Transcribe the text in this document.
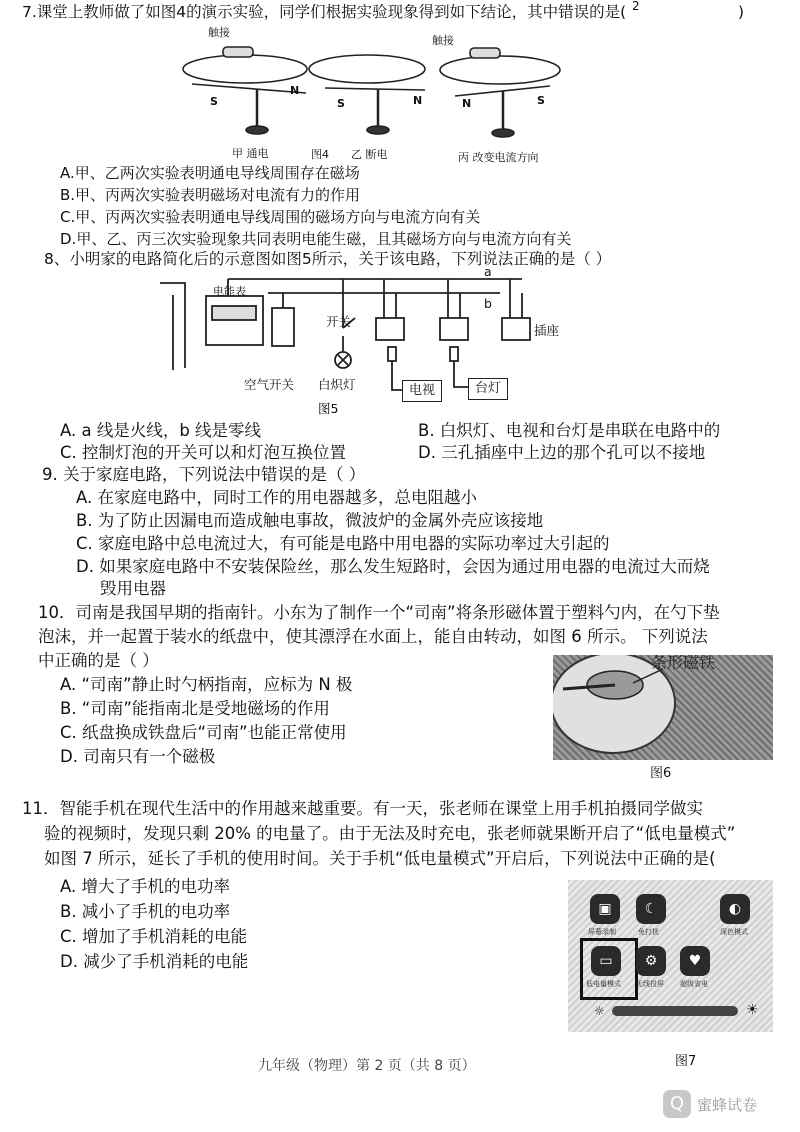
2
7.课堂上教师做了如图4的演示实验，同学们根据实验现象得到如下结论，其中错误的是(	)
触接
触接
S
N
S	N	N	S
甲 通电	图4 乙 断电	丙 改变电流方向
A.甲、乙两次实验表明通电导线周围存在磁场
B.甲、丙两次实验表明磁场对电流有力的作用
C.甲、丙两次实验表明通电导线周围的磁场方向与电流方向有关
D.甲、乙、丙三次实验现象共同表明电能生磁，且其磁场方向与电流方向有关
8、小明家的电路简化后的示意图如图5所示，关于该电路，下列说法正确的是（ ）
a
b
电能表
开关
插座
空气开关 白炽灯	电视	台灯
图5
A. a 线是火线，b 线是零线	B. 白炽灯、电视和台灯是串联在电路中的
C. 控制灯泡的开关可以和灯泡互换位置	D. 三孔插座中上边的那个孔可以不接地
9. 关于家庭电路，下列说法中错误的是（ ）
A. 在家庭电路中，同时工作的用电器越多，总电阻越小
B. 为了防止因漏电而造成触电事故，微波炉的金属外壳应该接地
C. 家庭电路中总电流过大，有可能是电路中用电器的实际功率过大引起的
D. 如果家庭电路中不安装保险丝，那么发生短路时，会因为通过用电器的电流过大而烧
毁用电器
10．司南是我国早期的指南针。小东为了制作一个“司南”将条形磁体置于塑料勺内，在勺下垫
泡沫，并一起置于装水的纸盘中，使其漂浮在水面上，能自由转动，如图 6 所示。 下列说法
中正确的是（ ）
A. “司南”静止时勺柄指南，应标为 N 极
B. “司南”能指南北是受地磁场的作用
C. 纸盘换成铁盘后“司南”也能正常使用
D. 司南只有一个磁极
条形磁铁
图6
11．智能手机在现代生活中的作用越来越重要。有一天，张老师在课堂上用手机拍摄同学做实
验的视频时，发现只剩 20% 的电量了。由于无法及时充电，张老师就果断开启了“低电量模式”
如图 7 所示，延长了手机的使用时间。关于手机“低电量模式”开启后，下列说法中正确的是(
A. 增大了手机的电功率
B. 减小了手机的电功率
C. 增加了手机消耗的电能
D. 减少了手机消耗的电能
▣
屏幕录制
☾
免打扰
◐
深色模式
▭
低电量模式
⚙
无线投屏
♥
超级省电
☼	☀
图7
九年级（物理）第 2 页（共 8 页）
Q 蜜蜂试卷
